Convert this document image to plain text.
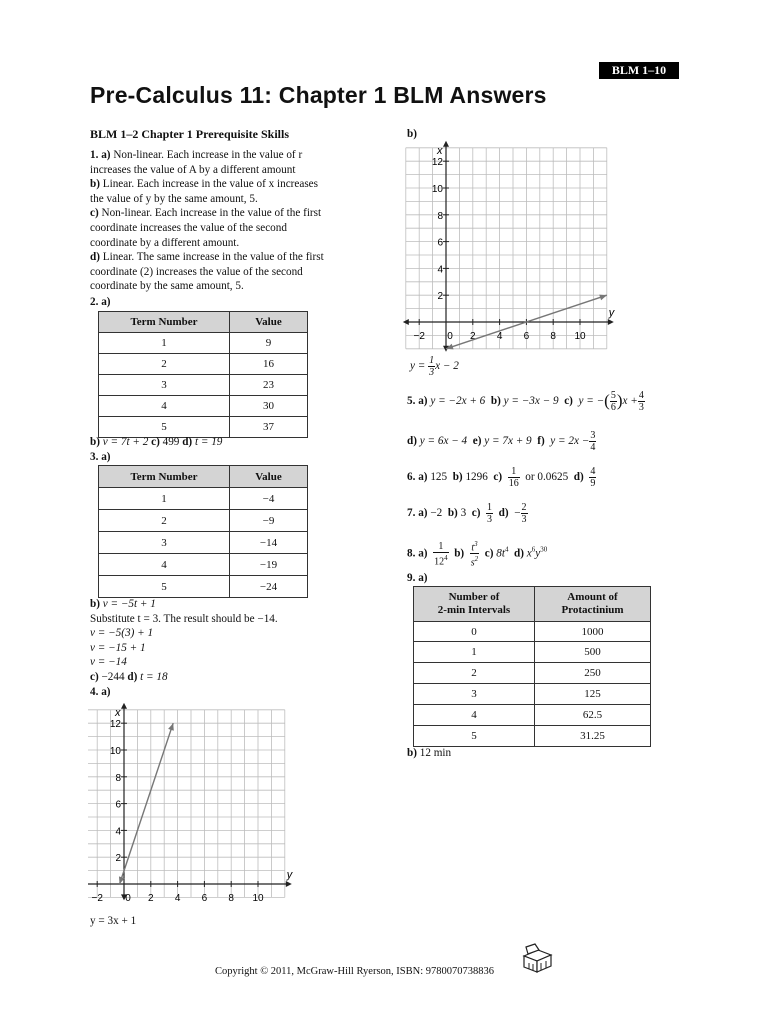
BLM 1–10
Pre-Calculus 11: Chapter 1 BLM Answers
BLM 1–2 Chapter 1 Prerequisite Skills
1. a) Non-linear. Each increase in the value of r
increases the value of A by a different amount
b) Linear. Each increase in the value of x increases
the value of y by the same amount, 5.
c) Non-linear. Each increase in the value of the first
coordinate increases the value of the second
coordinate by a different amount.
d) Linear. The same increase in the value of the first
coordinate (2) increases the value of the second
coordinate by the same amount, 5.
2. a)
Term Number	Value
1	9
2	16
3	23
4	30
5	37
b) v = 7t + 2 c) 499 d) t = 19
3. a)
Term Number	Value
1	−4
2	−9
3	−14
4	−19
5	−24
b) v = −5t + 1
Substitute t = 3. The result should be −14.
v = −5(3) + 1
v = −15 + 1
v = −14
c) −244 d) t = 18
4. a)
−2 0 2 4 6 8 10
2
4
6
8
10
12
y
x
y = 3x + 1
b)
−2 0 2 4 6 8 10
2
4
6
8
10
12
y
x
$y = \frac{1}{3}$ x − 2
5. a) y = −2x + 6 b) y = −3x − 9 c) y = −( $\frac{5}{6} )x + \frac{4}{3}$
d) y = 6x − 4 e) y = 7x + 9 f) $y = 2x - \frac{3}{4}$
6. a) 125 b) 1296 $c) \frac{1}{16}$ or 0.0625 $d) \frac{4}{9}$
7. a) −2 b) 3 $c) \frac{1}{3} d) - \frac{2}{3}$
8. $a) \frac{1}{12^4} b) \frac{t^3}{s^2} c$) $8t^4$ d) $x^6y^{30}$
9. a)
Number of
2-min Intervals	Amount of
Protactinium
0	1000
1	500
2	250
3	125
4	62.5
5	31.25
b) 12 min
Copyright © 2011, McGraw-Hill Ryerson, ISBN: 9780070738836
